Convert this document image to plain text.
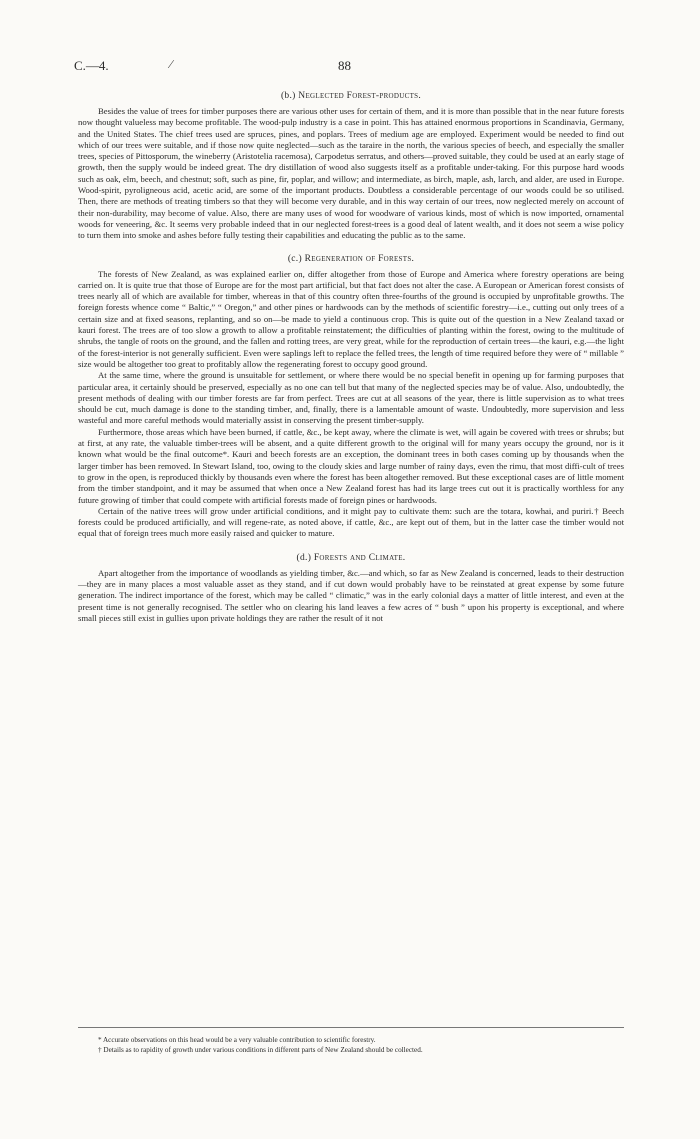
C.—4.	∕	88
(b.) Neglected Forest-products.

Besides the value of trees for timber purposes there are various other uses for certain of them, and it is more than possible that in the near future forests now thought valueless may become profitable. The wood-pulp industry is a case in point. This has attained enormous proportions in Scandinavia, Germany, and the United States. The chief trees used are spruces, pines, and poplars. Trees of medium age are employed. Experiment would be needed to find out which of our trees were suitable, and if those now quite neglected—such as the taraire in the north, the various species of beech, and especially the smaller trees, species of Pittosporum, the wineberry (Aristotelia racemosa), Carpodetus serratus, and others—proved suitable, they could be used at an early stage of growth, then the supply would be indeed great. The dry distillation of wood also suggests itself as a profitable under-taking. For this purpose hard woods such as oak, elm, beech, and chestnut; soft, such as pine, fir, poplar, and willow; and intermediate, as birch, maple, ash, larch, and alder, are used in Europe. Wood-spirit, pyroligneous acid, acetic acid, are some of the important products. Doubtless a considerable percentage of our woods could be so utilised. Then, there are methods of treating timbers so that they will become very durable, and in this way certain of our trees, now neglected merely on account of their non-durability, may become of value. Also, there are many uses of wood for woodware of various kinds, most of which is now imported, ornamental woods for veneering, &c. It seems very probable indeed that in our neglected forest-trees is a good deal of latent wealth, and it does not seem a wise policy to turn them into smoke and ashes before fully testing their capabilities and educating the public as to the same.

(c.) Regeneration of Forests.

The forests of New Zealand, as was explained earlier on, differ altogether from those of Europe and America where forestry operations are being carried on. It is quite true that those of Europe are for the most part artificial, but that fact does not alter the case. A European or American forest consists of trees nearly all of which are available for timber, whereas in that of this country often three-fourths of the ground is occupied by unprofitable growths. The foreign forests whence come “ Baltic,” “ Oregon,” and other pines or hardwoods can by the methods of scientific forestry—i.e., cutting out only trees of a certain size and at fixed seasons, replanting, and so on—be made to yield a continuous crop. This is quite out of the question in a New Zealand taxad or kauri forest. The trees are of too slow a growth to allow a profitable reinstatement; the difficulties of planting within the forest, owing to the multitude of shrubs, the tangle of roots on the ground, and the fallen and rotting trees, are very great, while for the reproduction of certain trees—the kauri, e.g.—the light of the forest-interior is not generally sufficient. Even were saplings left to replace the felled trees, the length of time required before they were of “ millable ” size would be altogether too great to profitably allow the regenerating forest to occupy good ground.

At the same time, where the ground is unsuitable for settlement, or where there would be no special benefit in opening up for farming purposes that particular area, it certainly should be preserved, especially as no one can tell but that many of the neglected species may be of value. Also, undoubtedly, the present methods of dealing with our timber forests are far from perfect. Trees are cut at all seasons of the year, there is little supervision as to what trees should be cut, much damage is done to the standing timber, and, finally, there is a lamentable amount of waste. Undoubtedly, more supervision and less wasteful and more careful methods would materially assist in conserving the present timber-supply.

Furthermore, those areas which have been burned, if cattle, &c., be kept away, where the climate is wet, will again be covered with trees or shrubs; but at first, at any rate, the valuable timber-trees will be absent, and a quite different growth to the original will for many years occupy the ground, nor is it known what would be the final outcome*. Kauri and beech forests are an exception, the dominant trees in both cases coming up by thousands when the larger timber has been removed. In Stewart Island, too, owing to the cloudy skies and large number of rainy days, even the rimu, that most diffi-cult of trees to grow in the open, is reproduced thickly by thousands even where the forest has been altogether removed. But these exceptional cases are of little moment from the timber standpoint, and it may be assumed that when once a New Zealand forest has had its large trees cut out it is practically worthless for any future growing of timber that could compete with artificial forests made of foreign pines or hardwoods.

Certain of the native trees will grow under artificial conditions, and it might pay to cultivate them: such are the totara, kowhai, and puriri.† Beech forests could be produced artificially, and will regene-rate, as noted above, if cattle, &c., are kept out of them, but in the latter case the timber would not equal that of foreign trees much more easily raised and quicker to mature.

(d.) Forests and Climate.

Apart altogether from the importance of woodlands as yielding timber, &c.—and which, so far as New Zealand is concerned, leads to their destruction—they are in many places a most valuable asset as they stand, and if cut down would probably have to be reinstated at great expense by some future generation. The indirect importance of the forest, which may be called “ climatic,” was in the early colonial days a matter of little interest, and even at the present time is not generally recognised. The settler who on clearing his land leaves a few acres of “ bush ” upon his property is exceptional, and where small pieces still exist in gullies upon private holdings they are rather the result of it not

* Accurate observations on this head would be a very valuable contribution to scientific forestry.

† Details as to rapidity of growth under various conditions in different parts of New Zealand should be collected.
